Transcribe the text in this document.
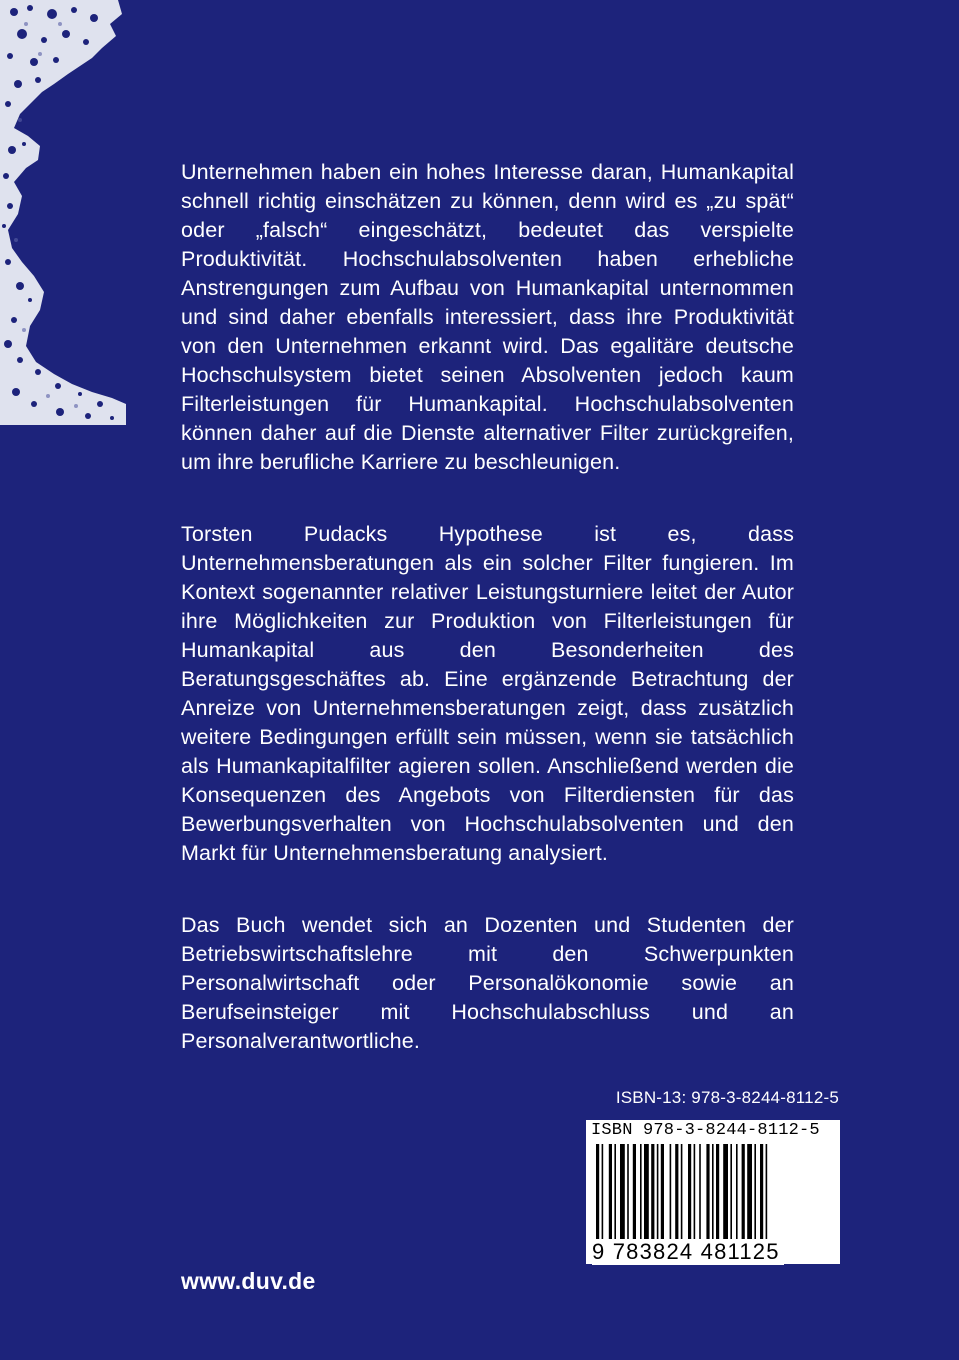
Unternehmen haben ein hohes Interesse daran, Humankapital schnell richtig einschätzen zu können, denn wird es „zu spät“ oder „falsch“ eingeschätzt, bedeutet das verspielte Produktivität. Hochschulabsolventen haben erhebliche Anstrengungen zum Aufbau von Humankapital unternommen und sind daher ebenfalls interessiert, dass ihre Produktivität von den Unternehmen erkannt wird. Das egalitäre deutsche Hochschulsystem bietet seinen Absolventen jedoch kaum Filterleistungen für Humankapital. Hochschulabsolventen können daher auf die Dienste alternativer Filter zurückgreifen, um ihre berufliche Karriere zu beschleunigen.

Torsten Pudacks Hypothese ist es, dass Unternehmensberatungen als ein solcher Filter fungieren. Im Kontext sogenannter relativer Leistungsturniere leitet der Autor ihre Möglichkeiten zur Produktion von Filterleistungen für Humankapital aus den Besonderheiten des Beratungsgeschäftes ab. Eine ergänzende Betrachtung der Anreize von Unternehmensberatungen zeigt, dass zusätzlich weitere Bedingungen erfüllt sein müssen, wenn sie tatsächlich als Humankapitalfilter agieren sollen. Anschließend werden die Konsequenzen des Angebots von Filterdiensten für das Bewerbungsverhalten von Hochschulabsolventen und den Markt für Unternehmensberatung analysiert.

Das Buch wendet sich an Dozenten und Studenten der Betriebswirtschaftslehre mit den Schwerpunkten Personalwirtschaft oder Personalökonomie sowie an Berufseinsteiger mit Hochschulabschluss und an Personalverantwortliche.

ISBN-13: 978-3-8244-8112-5
ISBN 978-3-8244-8112-5
9 783824 481125
www.duv.de
